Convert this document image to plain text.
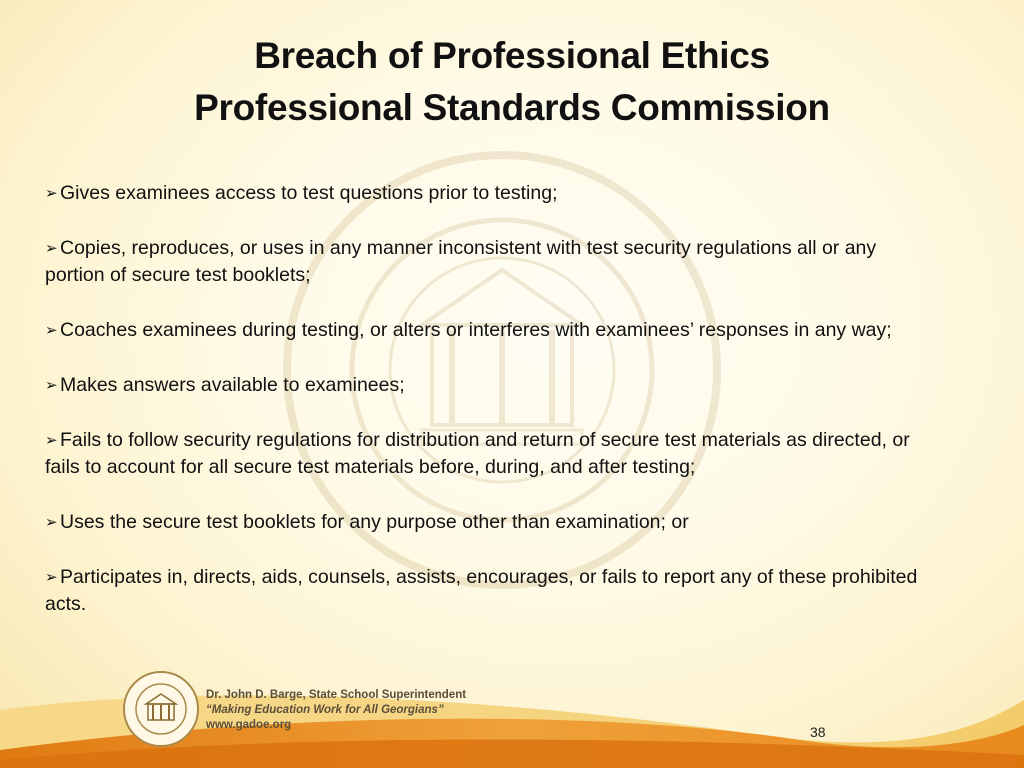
Breach of Professional Ethics
Professional Standards Commission
➢ Gives examinees access to test questions prior to testing;
➢ Copies, reproduces, or uses in any manner inconsistent with test security regulations all or any portion of secure test booklets;
➢ Coaches examinees during testing, or alters or interferes with examinees’ responses in any way;
➢ Makes answers available to examinees;
➢ Fails to follow security regulations for distribution and return of secure test materials as directed, or fails to account for all secure test materials before, during, and after testing;
➢ Uses the secure test booklets for any purpose other than examination; or
➢ Participates in, directs, aids, counsels, assists, encourages, or fails to report any of these prohibited acts.
Dr. John D. Barge, State School Superintendent
“Making Education Work for All Georgians”
www.gadoe.org	38
